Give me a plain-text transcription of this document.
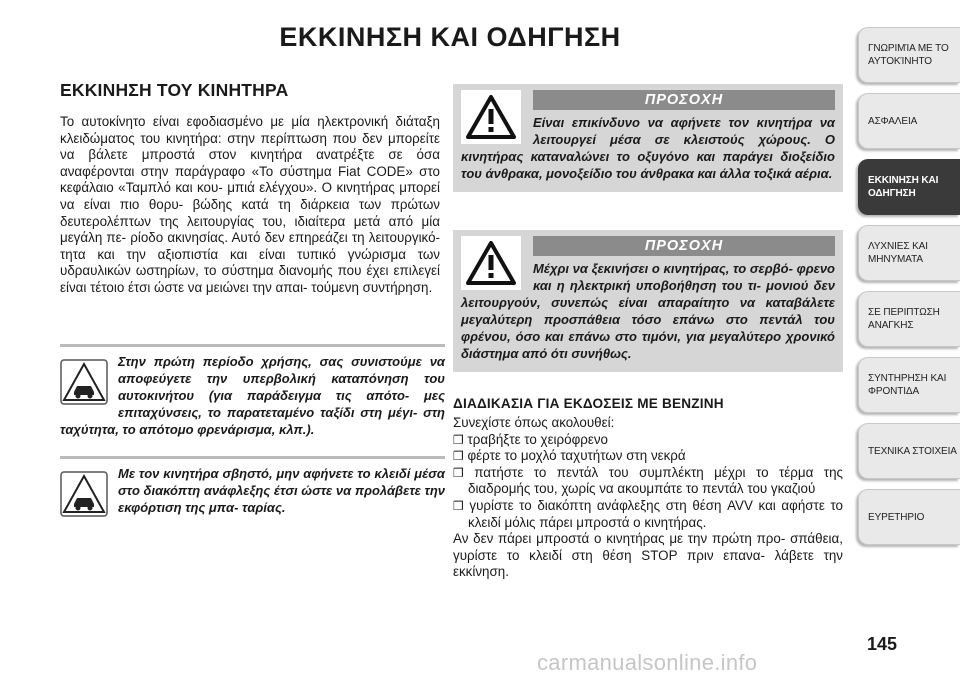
ΕΚΚΙΝΗΣΗ ΚΑΙ ΟΔΗΓΗΣΗ
ΕΚΚΙΝΗΣΗ ΤΟΥ ΚΙΝΗΤΗΡΑ
Το αυτοκίνητο είναι εφοδιασμένο με μία ηλεκτρονική διάταξη κλειδώματος του κινητήρα: στην περίπτωση που δεν μπορείτε να βάλετε μπροστά στον κινητήρα ανατρέξτε σε όσα αναφέρονται στην παράγραφο «Το σύστημα Fiat CODE» στο κεφάλαιο «Ταμπλό και κου- μπιά ελέγχου». Ο κινητήρας μπορεί να είναι πιο θορυ- βώδης κατά τη διάρκεια των πρώτων δευτερολέπτων της λειτουργίας του, ιδιαίτερα μετά από μία μεγάλη πε- ρίοδο ακινησίας. Αυτό δεν επηρεάζει τη λειτουργικό- τητα και την αξιοπιστία και είναι τυπικό γνώρισμα των υδραυλικών ωστηρίων, το σύστημα διανομής που έχει επιλεγεί είναι τέτοιο έτσι ώστε να μειώνει την απαι- τούμενη συντήρηση.

Στην πρώτη περίοδο χρήσης, σας συνιστούμε να αποφεύγετε την υπερβολική καταπόνηση του αυτοκινήτου (για παράδειγμα τις απότο- μες επιταχύνσεις, το παρατεταμένο ταξίδι στη μέγι- στη ταχύτητα, το απότομο φρενάρισμα, κλπ.).

Με τον κινητήρα σβηστό, μην αφήνετε το κλειδί μέσα στο διακόπτη ανάφλεξης έτσι ώστε να προλάβετε την εκφόρτιση της μπα- ταρίας.

ΠΡΟΣΟΧΗ

Είναι επικίνδυνο να αφήνετε τον κινητήρα να λειτουργεί μέσα σε κλειστούς χώρους. Ο κινητήρας καταναλώνει το οξυγόνο και παράγει διοξείδιο του άνθρακα, μονοξείδιο του άνθρακα και άλλα τοξικά αέρια.

ΠΡΟΣΟΧΗ

Μέχρι να ξεκινήσει ο κινητήρας, το σερβό- φρενο και η ηλεκτρική υποβοήθηση του τι- μονιού δεν λειτουργούν, συνεπώς είναι απαραίτητο να καταβάλετε μεγαλύτερη προσπάθεια τόσο επάνω στο πεντάλ του φρένου, όσο και επάνω στο τιμόνι, για μεγαλύτερο χρονικό διάστημα από ότι συνήθως.

ΔΙΑΔΙΚΑΣΙΑ ΓΙΑ ΕΚΔΟΣΕΙΣ ΜΕ ΒΕΝΖΙΝΗ

Συνεχίστε όπως ακολουθεί:

❒ τραβήξτε το χειρόφρενο

❒ φέρτε το μοχλό ταχυτήτων στη νεκρά

❒ πατήστε το πεντάλ του συμπλέκτη μέχρι το τέρμα της διαδρομής του, χωρίς να ακουμπάτε το πεντάλ του γκαζιού

❒ γυρίστε το διακόπτη ανάφλεξης στη θέση AVV και αφήστε το κλειδί μόλις πάρει μπροστά ο κινητήρας.

Αν δεν πάρει μπροστά ο κινητήρας με την πρώτη προ- σπάθεια, γυρίστε το κλειδί στη θέση STOP πριν επανα- λάβετε την εκκίνηση.

ΓΝΩΡΙΜΊΑ ΜΕ ΤΟ ΑΥΤΟΚΊΝΗΤΟ
ΑΣΦΑΛΕΙΑ
ΕΚΚΙΝΗΣΗ ΚΑΙ ΟΔΗΓΗΣΗ
ΛΥΧΝΙΕΣ ΚΑΙ ΜΗΝΥΜΑΤΑ
ΣΕ ΠΕΡΙΠΤΩΣΗ ΑΝΑΓΚΗΣ
ΣΥΝΤΗΡΗΣΗ ΚΑΙ ΦΡΟΝΤΙΔΑ
ΤΕΧΝΙΚΑ ΣΤΟΙΧΕΙΑ
ΕΥΡΕΤΗΡΙΟ
145
carmanualsonline.info
